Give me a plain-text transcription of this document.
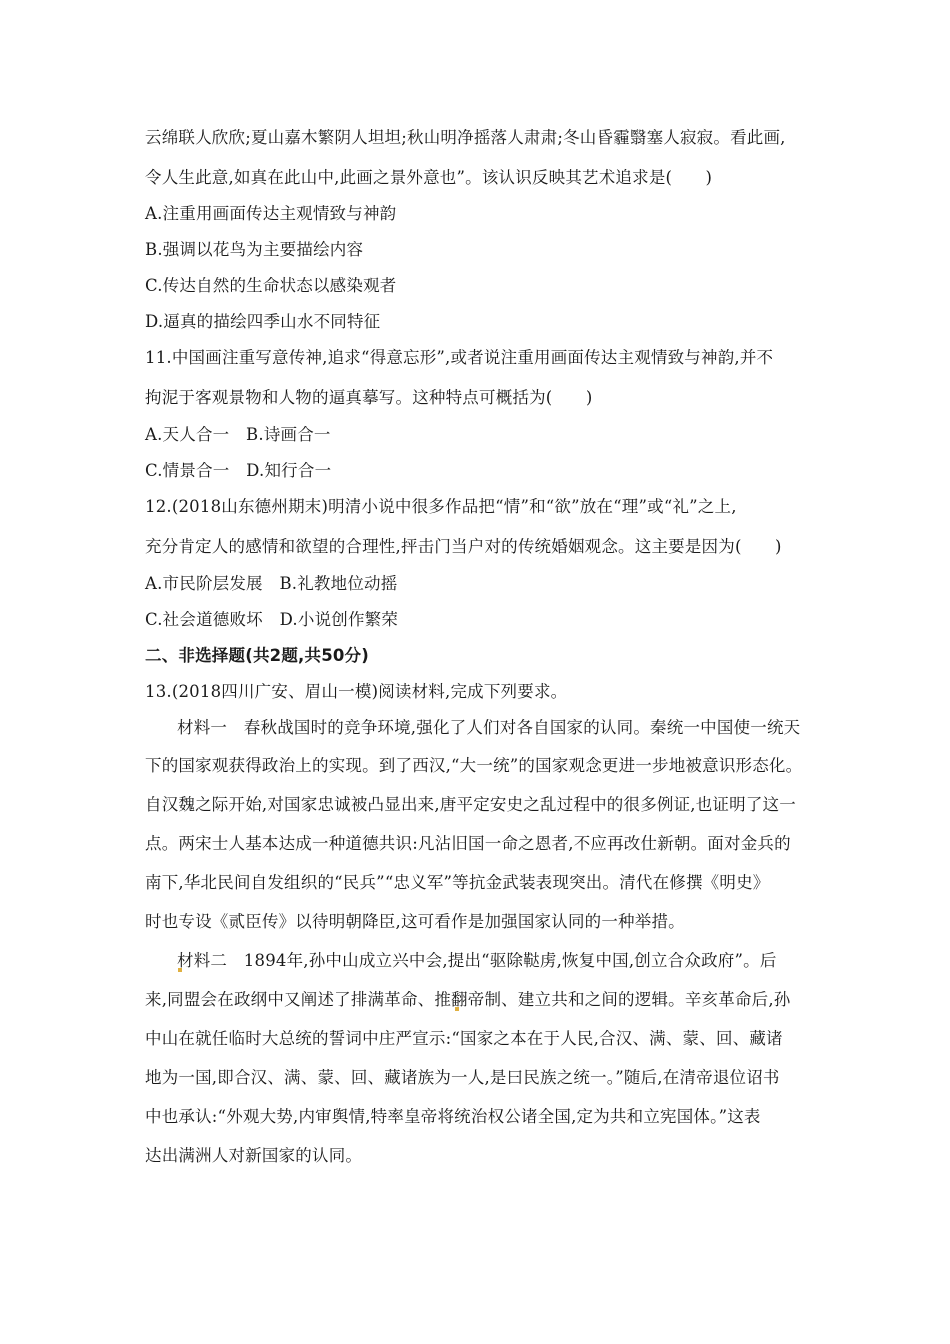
云绵联人欣欣;夏山嘉木繁阴人坦坦;秋山明净摇落人肃肃;冬山昏霾翳塞人寂寂。看此画,
令人生此意,如真在此山中,此画之景外意也”。该认识反映其艺术追求是(　　)
A.注重用画面传达主观情致与神韵
B.强调以花鸟为主要描绘内容
C.传达自然的生命状态以感染观者
D.逼真的描绘四季山水不同特征
11.中国画注重写意传神,追求“得意忘形”,或者说注重用画面传达主观情致与神韵,并不
拘泥于客观景物和人物的逼真摹写。这种特点可概括为(　　)
A.天人合一　B.诗画合一
C.情景合一　D.知行合一
12.(2018山东德州期末)明清小说中很多作品把“情”和“欲”放在“理”或“礼”之上,
充分肯定人的感情和欲望的合理性,抨击门当户对的传统婚姻观念。这主要是因为(　　)
A.市民阶层发展　B.礼教地位动摇
C.社会道德败坏　D.小说创作繁荣
二、非选择题(共2题,共50分)
13.(2018四川广安、眉山一模)阅读材料,完成下列要求。
材料一　春秋战国时的竞争环境,强化了人们对各自国家的认同。秦统一中国使一统天
下的国家观获得政治上的实现。到了西汉,“大一统”的国家观念更进一步地被意识形态化。
自汉魏之际开始,对国家忠诚被凸显出来,唐平定安史之乱过程中的很多例证,也证明了这一
点。两宋士人基本达成一种道德共识:凡沾旧国一命之恩者,不应再改仕新朝。面对金兵的
南下,华北民间自发组织的“民兵”“忠义军”等抗金武装表现突出。清代在修撰《明史》
时也专设《贰臣传》以待明朝降臣,这可看作是加强国家认同的一种举措。
材料二　1894年,孙中山成立兴中会,提出“驱除鞑虏,恢复中国,创立合众政府”。后
来,同盟会在政纲中又阐述了排满革命、推翻帝制、建立共和之间的逻辑。辛亥革命后,孙
中山在就任临时大总统的誓词中庄严宣示:“国家之本在于人民,合汉、满、蒙、回、藏诸
地为一国,即合汉、满、蒙、回、藏诸族为一人,是曰民族之统一。”随后,在清帝退位诏书
中也承认:“外观大势,内审舆情,特率皇帝将统治权公诸全国,定为共和立宪国体。”这表
达出满洲人对新国家的认同。
